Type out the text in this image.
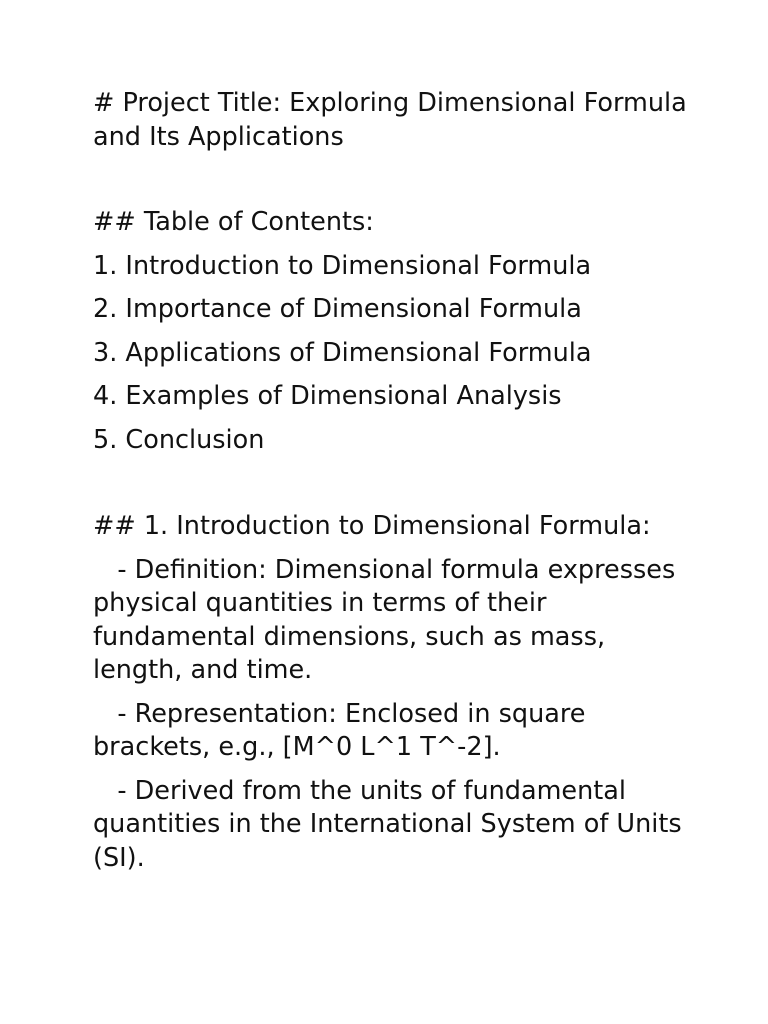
# Project Title: Exploring Dimensional Formula and Its Applications

## Table of Contents:

1. Introduction to Dimensional Formula

2. Importance of Dimensional Formula

3. Applications of Dimensional Formula

4. Examples of Dimensional Analysis

5. Conclusion

## 1. Introduction to Dimensional Formula:

- Definition: Dimensional formula expresses physical quantities in terms of their fundamental dimensions, such as mass, length, and time.

- Representation: Enclosed in square brackets, e.g., [M^0 L^1 T^-2].

- Derived from the units of fundamental quantities in the International System of Units (SI).
